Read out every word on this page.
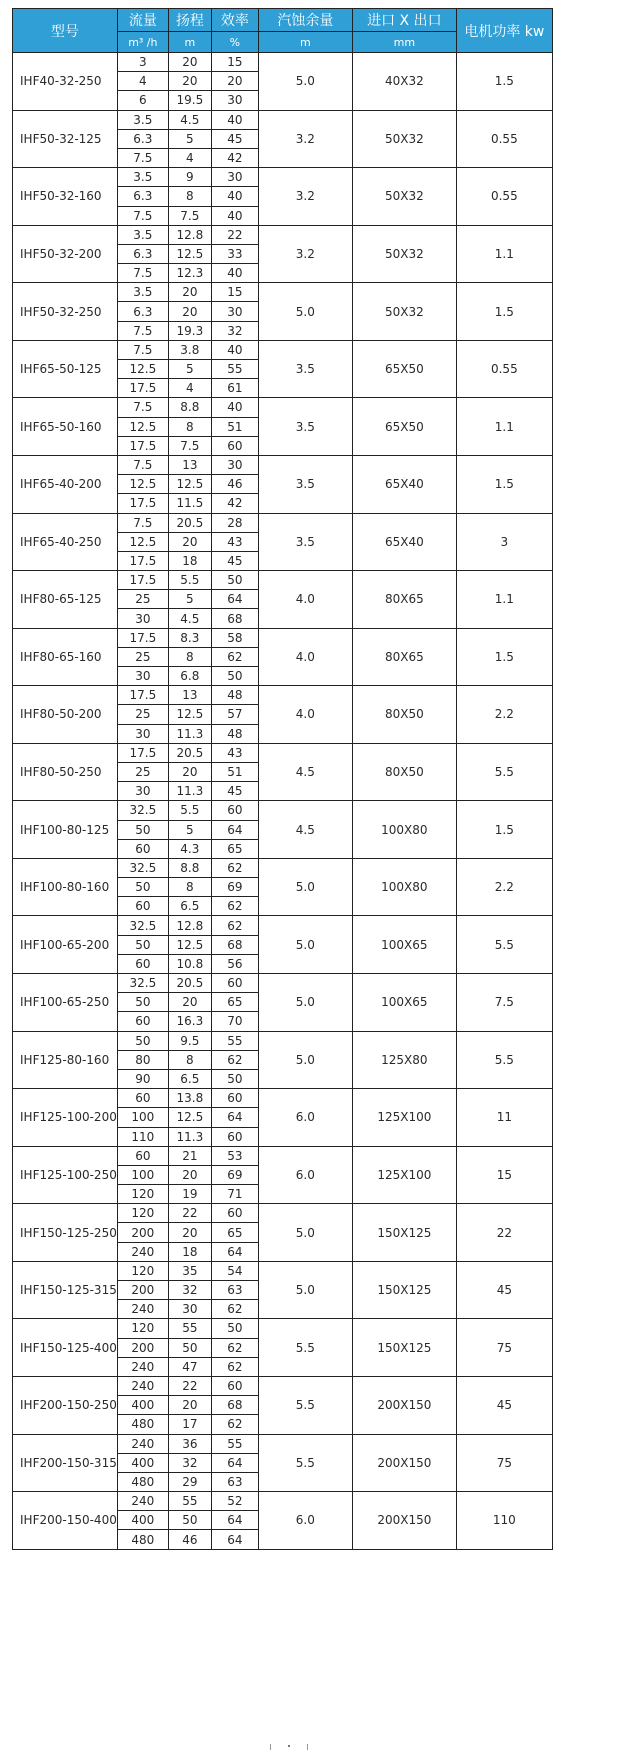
型号	流量	扬程	效率	汽蚀余量	进口 X 出口	电机功率 kw
	m³ /h	m	%	m	mm	
IHF40-32-250	3	20	15	5.0	40X32	1.5
	4	20	20			
	6	19.5	30			
IHF50-32-125	3.5	4.5	40	3.2	50X32	0.55
	6.3	5	45			
	7.5	4	42			
IHF50-32-160	3.5	9	30	3.2	50X32	0.55
	6.3	8	40			
	7.5	7.5	40			
IHF50-32-200	3.5	12.8	22	3.2	50X32	1.1
	6.3	12.5	33			
	7.5	12.3	40			
IHF50-32-250	3.5	20	15	5.0	50X32	1.5
	6.3	20	30			
	7.5	19.3	32			
IHF65-50-125	7.5	3.8	40	3.5	65X50	0.55
	12.5	5	55			
	17.5	4	61			
IHF65-50-160	7.5	8.8	40	3.5	65X50	1.1
	12.5	8	51			
	17.5	7.5	60			
IHF65-40-200	7.5	13	30	3.5	65X40	1.5
	12.5	12.5	46			
	17.5	11.5	42			
IHF65-40-250	7.5	20.5	28	3.5	65X40	3
	12.5	20	43			
	17.5	18	45			
IHF80-65-125	17.5	5.5	50	4.0	80X65	1.1
	25	5	64			
	30	4.5	68			
IHF80-65-160	17.5	8.3	58	4.0	80X65	1.5
	25	8	62			
	30	6.8	50			
IHF80-50-200	17.5	13	48	4.0	80X50	2.2
	25	12.5	57			
	30	11.3	48			
IHF80-50-250	17.5	20.5	43	4.5	80X50	5.5
	25	20	51			
	30	11.3	45			
IHF100-80-125	32.5	5.5	60	4.5	100X80	1.5
	50	5	64			
	60	4.3	65			
IHF100-80-160	32.5	8.8	62	5.0	100X80	2.2
	50	8	69			
	60	6.5	62			
IHF100-65-200	32.5	12.8	62	5.0	100X65	5.5
	50	12.5	68			
	60	10.8	56			
IHF100-65-250	32.5	20.5	60	5.0	100X65	7.5
	50	20	65			
	60	16.3	70			
IHF125-80-160	50	9.5	55	5.0	125X80	5.5
	80	8	62			
	90	6.5	50			
IHF125-100-200	60	13.8	60	6.0	125X100	11
	100	12.5	64			
	110	11.3	60			
IHF125-100-250	60	21	53	6.0	125X100	15
	100	20	69			
	120	19	71			
IHF150-125-250	120	22	60	5.0	150X125	22
	200	20	65			
	240	18	64			
IHF150-125-315	120	35	54	5.0	150X125	45
	200	32	63			
	240	30	62			
IHF150-125-400	120	55	50	5.5	150X125	75
	200	50	62			
	240	47	62			
IHF200-150-250	240	22	60	5.5	200X150	45
	400	20	68			
	480	17	62			
IHF200-150-315	240	36	55	5.5	200X150	75
	400	32	64			
	480	29	63			
IHF200-150-400	240	55	52	6.0	200X150	110
	400	50	64			
	480	46	64			
